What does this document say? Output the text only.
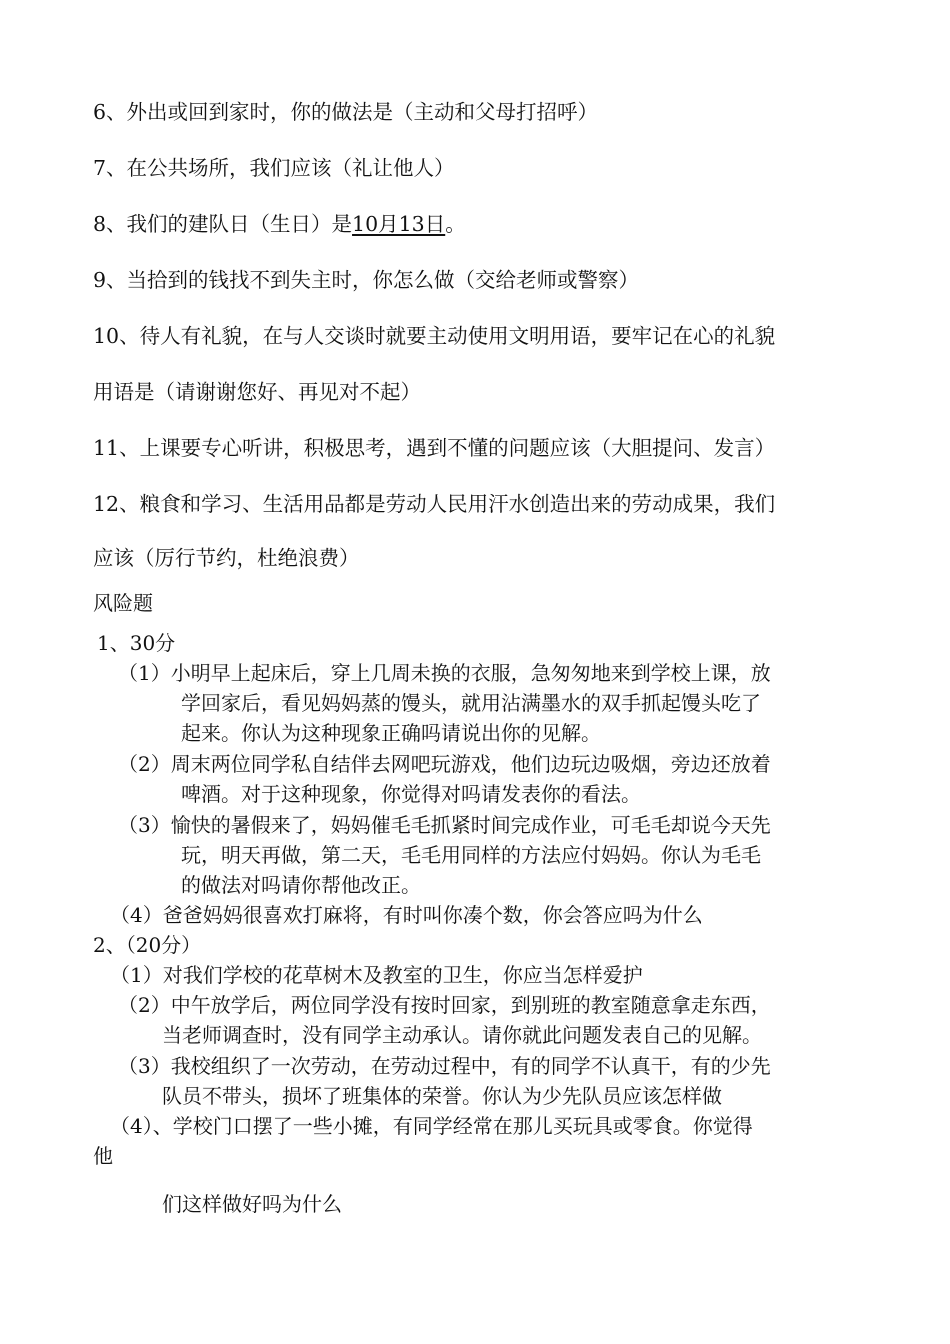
6、外出或回到家时，你的做法是（主动和父母打招呼）
7、在公共场所，我们应该（礼让他人）
8、我们的建队日（生日）是10月13日。
9、当拾到的钱找不到失主时，你怎么做（交给老师或警察）
10、待人有礼貌，在与人交谈时就要主动使用文明用语，要牢记在心的礼貌
用语是（请谢谢您好、再见对不起）
11、上课要专心听讲，积极思考，遇到不懂的问题应该（大胆提问、发言）
12、粮食和学习、生活用品都是劳动人民用汗水创造出来的劳动成果，我们
应该（厉行节约，杜绝浪费）
风险题
1、30分
（1）小明早上起床后，穿上几周未换的衣服，急匆匆地来到学校上课，放
学回家后，看见妈妈蒸的馒头，就用沾满墨水的双手抓起馒头吃了
起来。你认为这种现象正确吗请说出你的见解。
（2）周末两位同学私自结伴去网吧玩游戏，他们边玩边吸烟，旁边还放着
啤酒。对于这种现象，你觉得对吗请发表你的看法。
（3）愉快的暑假来了，妈妈催毛毛抓紧时间完成作业，可毛毛却说今天先
玩，明天再做，第二天，毛毛用同样的方法应付妈妈。你认为毛毛
的做法对吗请你帮他改正。
（4）爸爸妈妈很喜欢打麻将，有时叫你凑个数，你会答应吗为什么
2、（20分）
（1）对我们学校的花草树木及教室的卫生，你应当怎样爱护
（2）中午放学后，两位同学没有按时回家，到别班的教室随意拿走东西，
当老师调查时，没有同学主动承认。请你就此问题发表自己的见解。
（3）我校组织了一次劳动，在劳动过程中，有的同学不认真干，有的少先
队员不带头，损坏了班集体的荣誉。你认为少先队员应该怎样做
（4）、学校门口摆了一些小摊，有同学经常在那儿买玩具或零食。你觉得
他
们这样做好吗为什么
